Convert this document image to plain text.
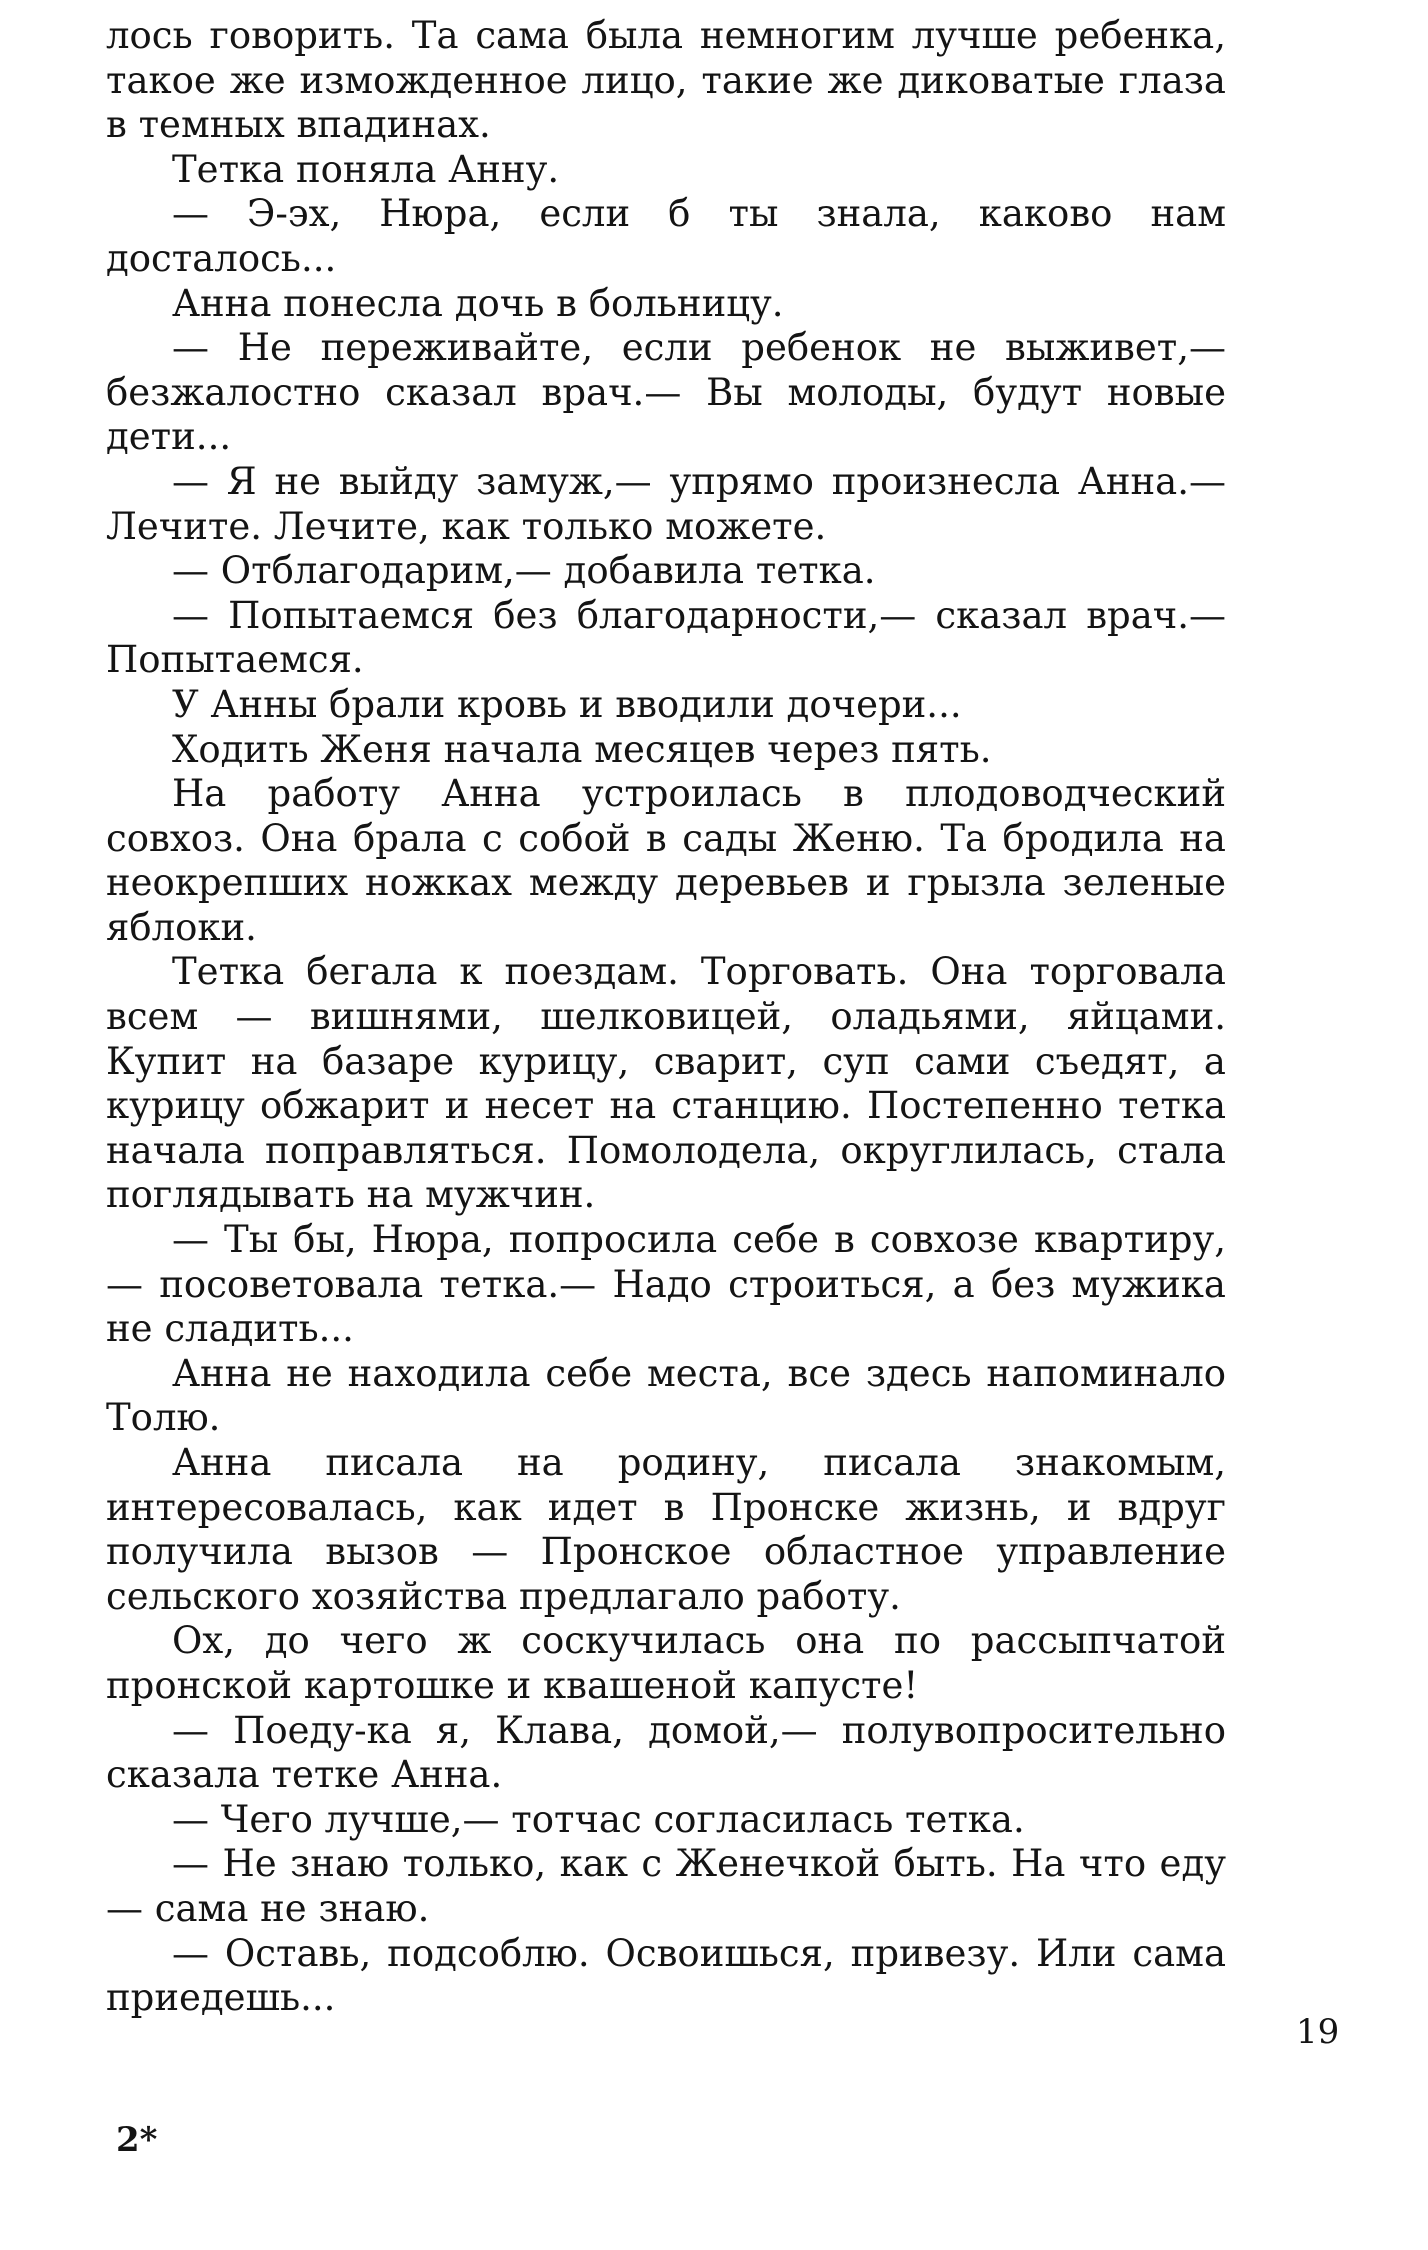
лось говорить. Та сама была немногим лучше ребенка, такое же изможденное лицо, такие же диковатые глаза в темных впадинах.

Тетка поняла Анну.

— Э-эх, Нюра, если б ты знала, каково нам досталось...

Анна понесла дочь в больницу.

— Не переживайте, если ребенок не выживет,— безжалостно сказал врач.— Вы молоды, будут новые дети...

— Я не выйду замуж,— упрямо произнесла Анна.— Лечите. Лечите, как только можете.

— Отблагодарим,— добавила тетка.

— Попытаемся без благодарности,— сказал врач.— Попытаемся.

У Анны брали кровь и вводили дочери...

Ходить Женя начала месяцев через пять.

На работу Анна устроилась в плодоводческий совхоз. Она брала с собой в сады Женю. Та бродила на неокрепших ножках между деревьев и грызла зеленые яблоки.

Тетка бегала к поездам. Торговать. Она торговала всем — вишнями, шелковицей, оладьями, яйцами. Купит на базаре курицу, сварит, суп сами съедят, а курицу обжарит и несет на станцию. Постепенно тетка начала поправляться. Помолодела, округлилась, стала поглядывать на мужчин.

— Ты бы, Нюра, попросила себе в совхозе квартиру,— посоветовала тетка.— Надо строиться, а без мужика не сладить...

Анна не находила себе места, все здесь напоминало Толю.

Анна писала на родину, писала знакомым, интересовалась, как идет в Пронске жизнь, и вдруг получила вызов — Пронское областное управление сельского хозяйства предлагало работу.

Ох, до чего ж соскучилась она по рассыпчатой пронской картошке и квашеной капусте!

— Поеду-ка я, Клава, домой,— полувопросительно сказала тетке Анна.

— Чего лучше,— тотчас согласилась тетка.

— Не знаю только, как с Женечкой быть. На что еду — сама не знаю.

— Оставь, подсоблю. Освоишься, привезу. Или сама приедешь...

19
2*
